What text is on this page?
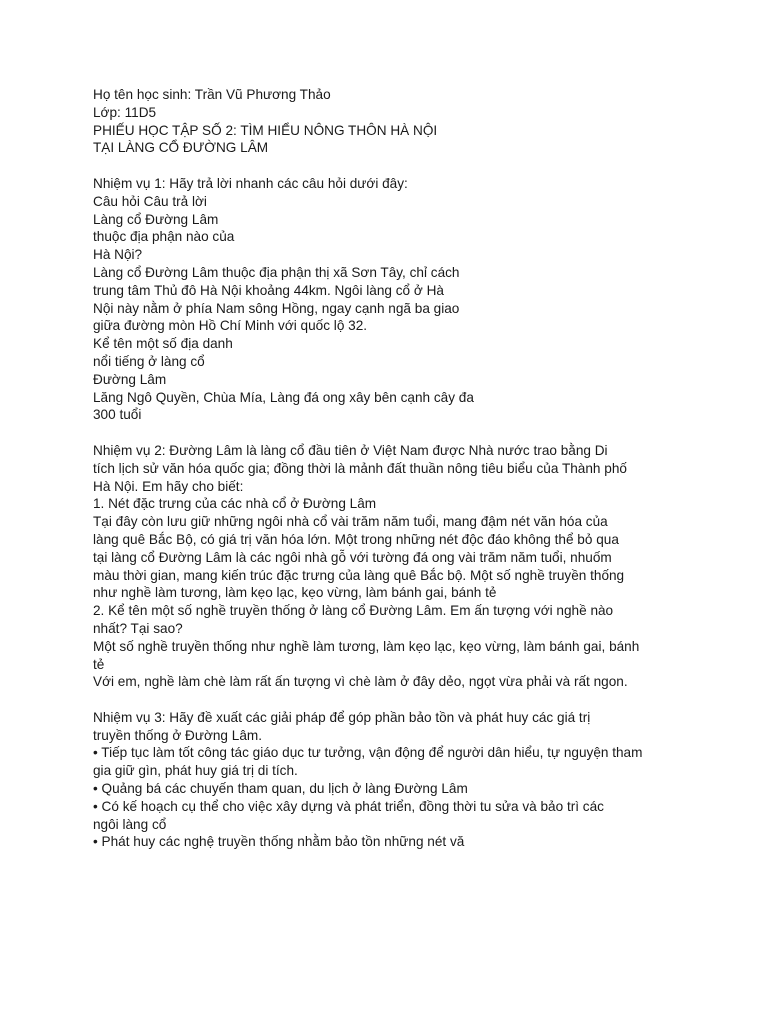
Họ tên học sinh: Trần Vũ Phương Thảo
Lớp: 11D5
PHIẾU HỌC TẬP SỐ 2: TÌM HIỂU NÔNG THÔN HÀ NỘI
TẠI LÀNG CỔ ĐƯỜNG LÂM
Nhiệm vụ 1: Hãy trả lời nhanh các câu hỏi dưới đây:
Câu hỏi Câu trả lời
Làng cổ Đường Lâm
thuộc địa phận nào của
Hà Nội?
Làng cổ Đường Lâm thuộc địa phận thị xã Sơn Tây, chỉ cách
trung tâm Thủ đô Hà Nội khoảng 44km. Ngôi làng cổ ở Hà
Nội này nằm ở phía Nam sông Hồng, ngay cạnh ngã ba giao
giữa đường mòn Hồ Chí Minh với quốc lộ 32.
Kể tên một số địa danh
nổi tiếng ở làng cổ
Đường Lâm
Lăng Ngô Quyền, Chùa Mía, Làng đá ong xây bên cạnh cây đa
300 tuổi
Nhiệm vụ 2: Đường Lâm là làng cổ đầu tiên ở Việt Nam được Nhà nước trao bằng Di
tích lịch sử văn hóa quốc gia; đồng thời là mảnh đất thuần nông tiêu biểu của Thành phố
Hà Nội. Em hãy cho biết:
1. Nét đặc trưng của các nhà cổ ở Đường Lâm
Tại đây còn lưu giữ những ngôi nhà cổ vài trăm năm tuổi, mang đậm nét văn hóa của
làng quê Bắc Bộ, có giá trị văn hóa lớn. Một trong những nét độc đáo không thể bỏ qua
tại làng cổ Đường Lâm là các ngôi nhà gỗ với tường đá ong vài trăm năm tuổi, nhuốm
màu thời gian, mang kiến trúc đặc trưng của làng quê Bắc bộ. Một số nghề truyền thống
như nghề làm tương, làm kẹo lạc, kẹo vừng, làm bánh gai, bánh tẻ
2. Kể tên một số nghề truyền thống ở làng cổ Đường Lâm. Em ấn tượng với nghề nào
nhất? Tại sao?
Một số nghề truyền thống như nghề làm tương, làm kẹo lạc, kẹo vừng, làm bánh gai, bánh
tẻ
Với em, nghề làm chè làm rất ấn tượng vì chè làm ở đây dẻo, ngọt vừa phải và rất ngon.
Nhiệm vụ 3: Hãy đề xuất các giải pháp để góp phần bảo tồn và phát huy các giá trị
truyền thống ở Đường Lâm.
• Tiếp tục làm tốt công tác giáo dục tư tưởng, vận động để người dân hiểu, tự nguyện tham
gia giữ gìn, phát huy giá trị di tích.
• Quảng bá các chuyến tham quan, du lịch ở làng Đường Lâm
• Có kế hoạch cụ thể cho việc xây dựng và phát triển, đồng thời tu sửa và bảo trì các
ngôi làng cổ
• Phát huy các nghệ truyền thống nhằm bảo tồn những nét vă
